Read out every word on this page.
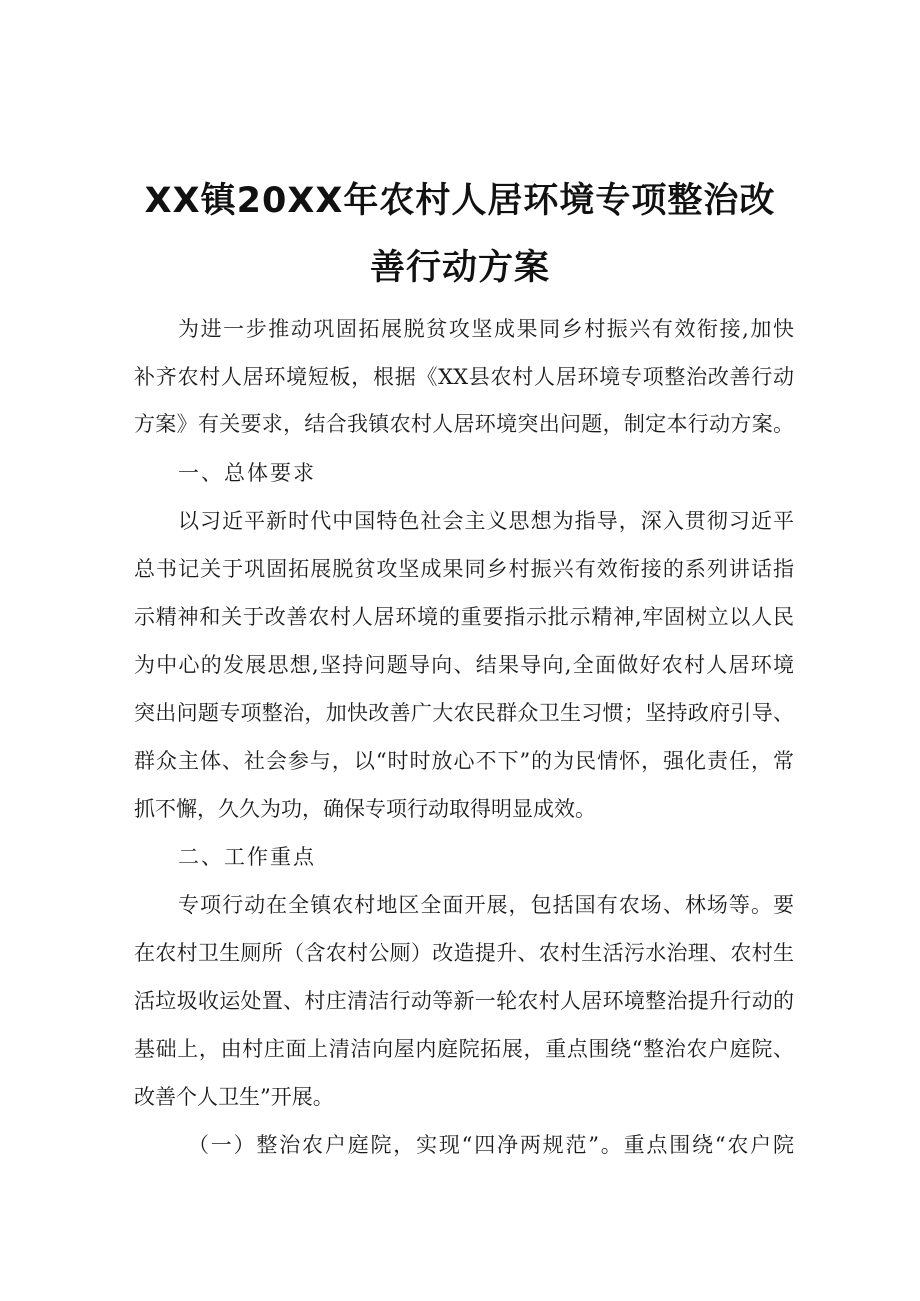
XX镇20XX年农村人居环境专项整治改
善行动方案
为进一步推动巩固拓展脱贫攻坚成果同乡村振兴有效衔接,加快
补齐农村人居环境短板，根据《XX县农村人居环境专项整治改善行动
方案》有关要求，结合我镇农村人居环境突出问题，制定本行动方案。
一、总体要求
以习近平新时代中国特色社会主义思想为指导，深入贯彻习近平
总书记关于巩固拓展脱贫攻坚成果同乡村振兴有效衔接的系列讲话指
示精神和关于改善农村人居环境的重要指示批示精神,牢固树立以人民
为中心的发展思想,坚持问题导向、结果导向,全面做好农村人居环境
突出问题专项整治，加快改善广大农民群众卫生习惯；坚持政府引导、
群众主体、社会参与，以“时时放心不下”的为民情怀，强化责任，常
抓不懈，久久为功，确保专项行动取得明显成效。
二、工作重点
专项行动在全镇农村地区全面开展，包括国有农场、林场等。要
在农村卫生厕所（含农村公厕）改造提升、农村生活污水治理、农村生
活垃圾收运处置、村庄清洁行动等新一轮农村人居环境整治提升行动的
基础上，由村庄面上清洁向屋内庭院拓展，重点围绕“整治农户庭院、
改善个人卫生”开展。
（一）整治农户庭院，实现“四净两规范”。重点围绕“农户院
